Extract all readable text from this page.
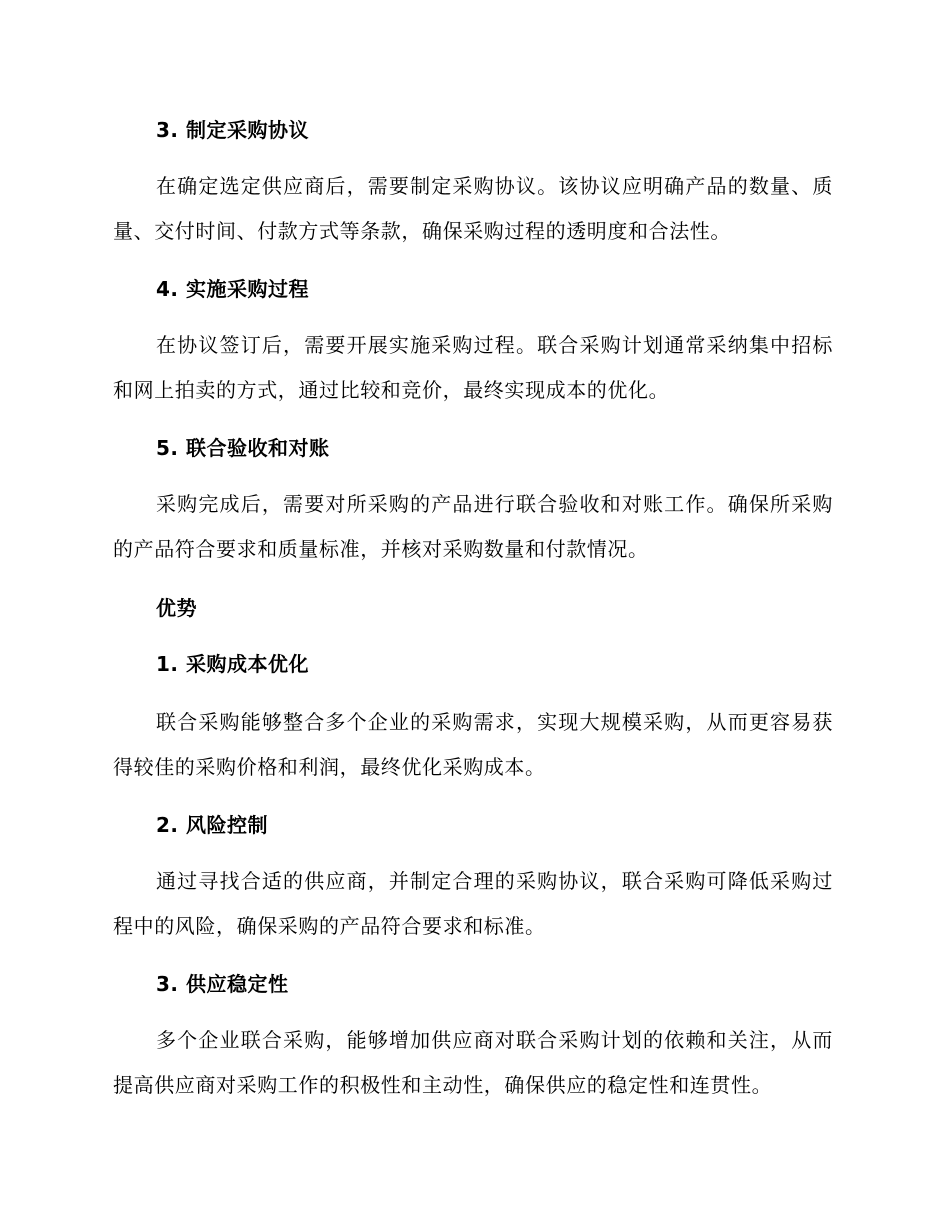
3. 制定采购协议

在确定选定供应商后，需要制定采购协议。该协议应明确产品的数量、质量、交付时间、付款方式等条款，确保采购过程的透明度和合法性。

4. 实施采购过程

在协议签订后，需要开展实施采购过程。联合采购计划通常采纳集中招标和网上拍卖的方式，通过比较和竞价，最终实现成本的优化。

5. 联合验收和对账

采购完成后，需要对所采购的产品进行联合验收和对账工作。确保所采购的产品符合要求和质量标准，并核对采购数量和付款情况。

优势
1. 采购成本优化

联合采购能够整合多个企业的采购需求，实现大规模采购，从而更容易获得较佳的采购价格和利润，最终优化采购成本。

2. 风险控制

通过寻找合适的供应商，并制定合理的采购协议，联合采购可降低采购过程中的风险，确保采购的产品符合要求和标准。

3. 供应稳定性

多个企业联合采购，能够增加供应商对联合采购计划的依赖和关注，从而提高供应商对采购工作的积极性和主动性，确保供应的稳定性和连贯性。
